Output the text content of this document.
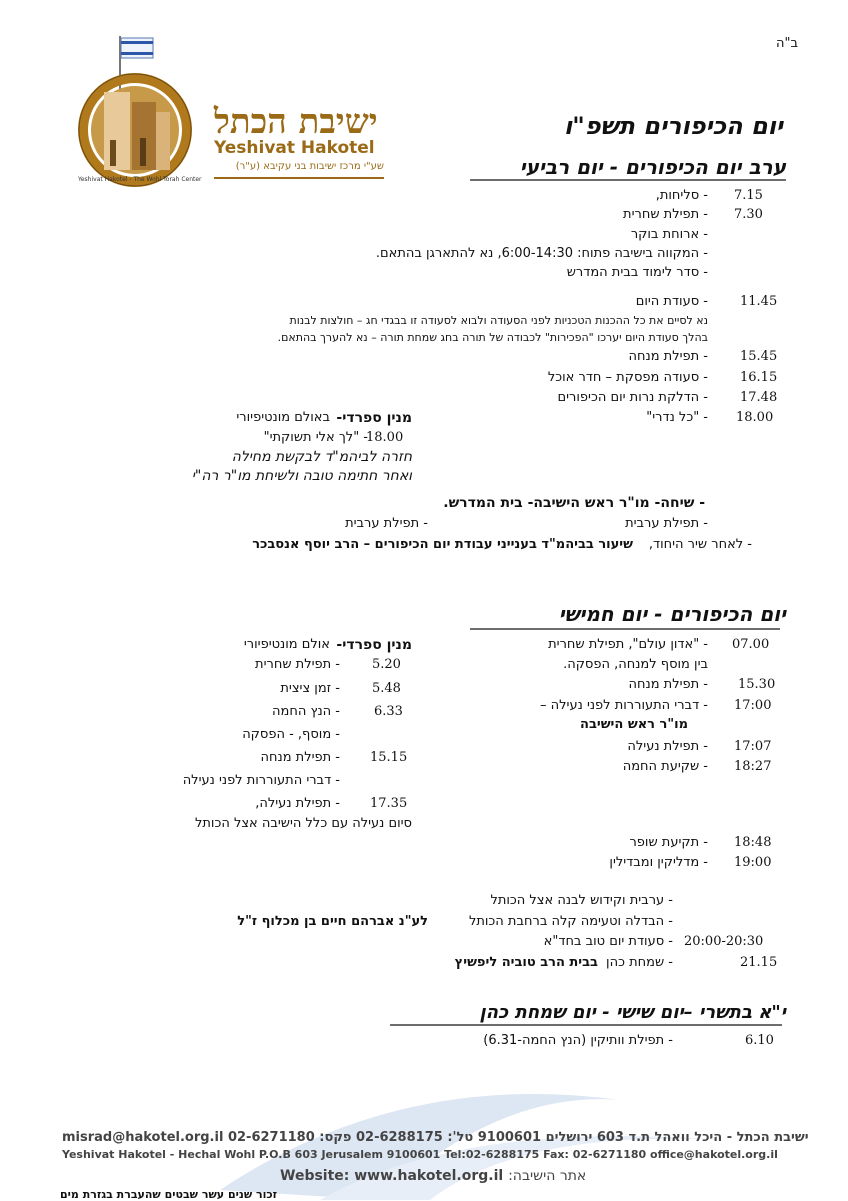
ב"ה
Yeshivat Hakotel - The Wohl Torah Center
ישיבת הכתל
Yeshivat Hakotel
שע"י מרכז ישיבות בני עקיבא (ע"ר)
יום הכיפורים תשפ"ו
ערב יום הכיפורים - יום רביעי
7.15
- סליחות,
7.30
- תפילת שחרית
- ארוחת בוקר
- המקווה בישיבה פתוח: 6:00-14:30, נא להתארגן בהתאם.
- סדר לימוד בבית המדרש
11.45
- סעודת היום
נא לסיים את כל ההכנות הטכניות לפני הסעודה ולבוא לסעודה זו בבגדי חג – חולצות לבנות
בהלך סעודת היום יערכו "הפכירות" לכבודה של תורה בחג שמחת תורה – נא להערך בהתאם.
15.45
- תפילת מנחה
16.15
- סעודה מפסקת – חדר אוכל
17.48
- הדלקת נרות יום הכיפורים
18.00
- "כל נדרי"
מנין ספרדי-
באולם מונטיפיורי
18.00
- "לך אלי תשוקתי"
חזרה לביהמ"ד לבקשת מחילה
ואחר חתימה טובה ולשיחת מו"ר רה"י
- שיחה- מו"ר ראש הישיבה- בית המדרש.
- תפילת ערבית
- תפילת ערבית
- לאחר שיר היחוד,
שיעור בביהמ"ד בענייני עבודת יום הכיפורים – הרב יוסף אנסבכר
יום הכיפורים - יום חמישי
07.00
- "אדון עולם", תפילת שחרית
בין מוסף למנחה, הפסקה.
15.30
- תפילת מנחה
17:00
- דברי התעוררות לפני נעילה –
מו"ר ראש הישיבה
17:07
- תפילת נעילה
18:27
- שקיעת החמה
מנין ספרדי-
אולם מונטיפיורי
5.20
- תפילת שחרית
5.48
- זמן ציצית
6.33
- הנץ החמה
- מוסף, - הפסקה
15.15
- תפילת מנחה
- דברי התעוררות לפני נעילה
17.35
- תפילת נעילה,
סיום נעילה עם כלל הישיבה אצל הכותל
18:48
- תקיעת שופר
19:00
- מדליקין ומבדילין
- ערבית וקידוש לבנה אצל הכותל
- הבדלה וטעימה קלה ברחבת הכותל
לע"נ אברהם חיים בן מכלוף ז"ל
20:00-20:30
- סעודת יום טוב בחד"א
21.15
- שמחת כהן
בבית הרב טוביה ליפשיץ
י"א בתשרי –יום שישי - יום שמחת כהן
6.10
- תפילת וותיקין (הנץ החמה-6.31)
misrad@hakotel.org.il ישיבת הכתל - היכל וואהל ת.ד 603 ירושלים 9100601 טל': 02-6288175 פקס: 02-6271180
Yeshivat Hakotel - Hechal Wohl P.O.B 603 Jerusalem 9100601 Tel:02-6288175 Fax: 02-6271180 office@hakotel.org.il
Website: www.hakotel.org.il אתר הישיבה:
זכור שנים עשר שבטים שהעברת בגזרת מים
